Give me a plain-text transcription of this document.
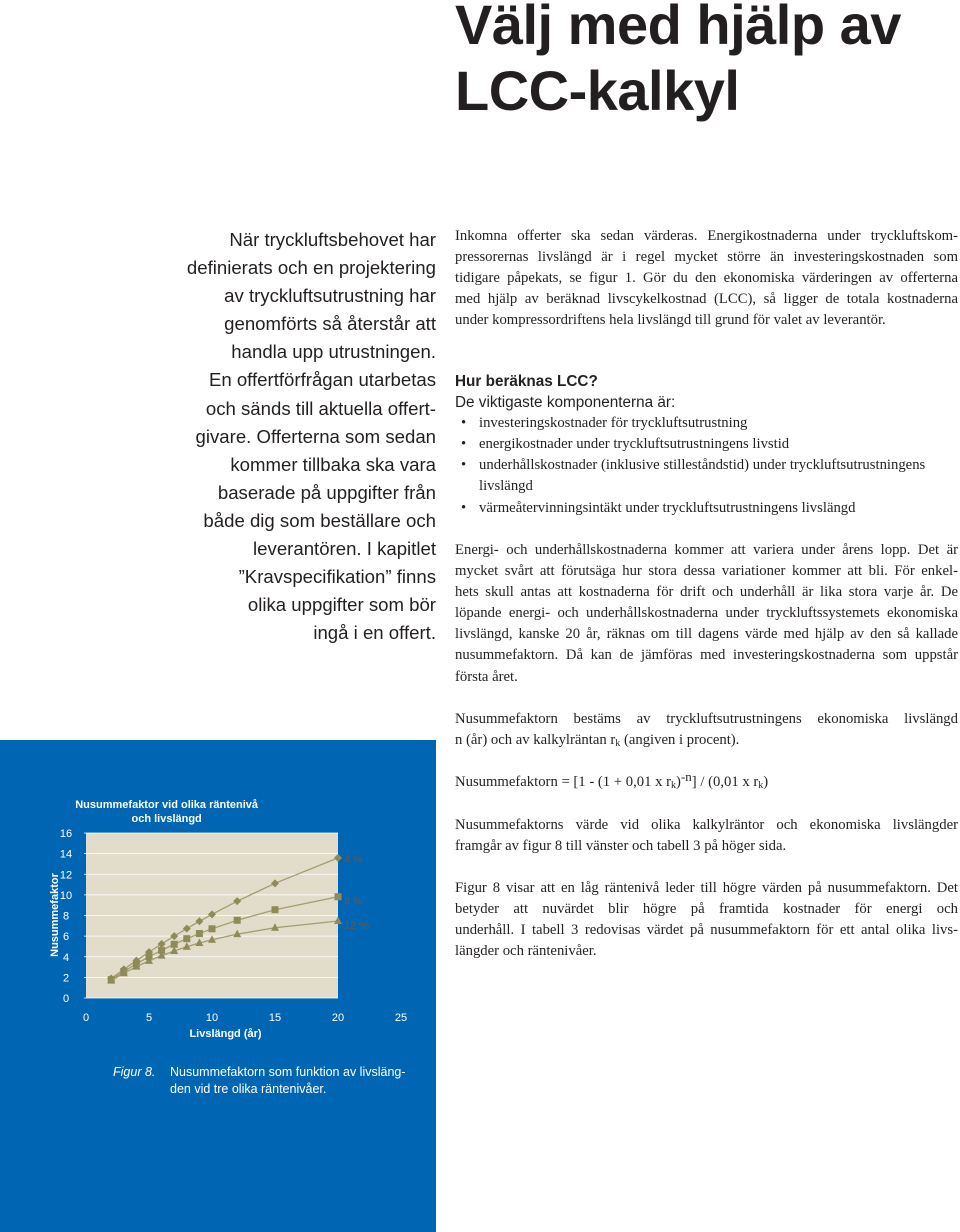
Välj med hjälp av
LCC-kalkyl
När tryckluftsbehovet har
definierats och en projektering
av tryckluftsutrustning har
genomförts så återstår att
handla upp utrustningen.
En offertförfrågan utarbetas
och sänds till aktuella offert-
givare. Offerterna som sedan
kommer tillbaka ska vara
baserade på uppgifter från
både dig som beställare och
leverantören. I kapitlet
”Kravspecifikation” finns
olika uppgifter som bör
ingå i en offert.
Inkomna offerter ska sedan värderas. Energikostnaderna under tryckluftskom-
pressorernas livslängd är i regel mycket större än investeringskostnaden som
tidigare påpekats, se figur 1. Gör du den ekonomiska värderingen av offerterna
med hjälp av beräknad livscykelkostnad (LCC), så ligger de totala kostnaderna
under kompressordriftens hela livslängd till grund för valet av leverantör.
Hur beräknas LCC?
De viktigaste komponenterna är:
• investeringskostnader för tryckluftsutrustning
• energikostnader under tryckluftsutrustningens livstid
• underhållskostnader (inklusive stilleståndstid) under tryckluftsutrustningens
livslängd
• värmeåtervinningsintäkt under tryckluftsutrustningens livslängd
Energi- och underhållskostnaderna kommer att variera under årens lopp. Det är
mycket svårt att förutsäga hur stora dessa variationer kommer att bli. För enkel-
hets skull antas att kostnaderna för drift och underhåll är lika stora varje år. De
löpande energi- och underhållskostnaderna under tryckluftssystemets ekonomiska
livslängd, kanske 20 år, räknas om till dagens värde med hjälp av den så kallade
nusummefaktorn. Då kan de jämföras med investeringskostnaderna som uppstår
första året.
Nusummefaktorn bestäms av tryckluftsutrustningens ekonomiska livslängd
n (år) och av kalkylräntan $r_k$ (angiven i procent).
Nusummefaktorn = [1 - (1 + 0,01 x $r_k)^{-n}] / (0,01$ x $r_k$)
Nusummefaktorns värde vid olika kalkylräntor och ekonomiska livslängder
framgår av figur 8 till vänster och tabell 3 på höger sida.
Figur 8 visar att en låg räntenivå leder till högre värden på nusummefaktorn. Det
betyder att nuvärdet blir högre på framtida kostnader för energi och
underhåll. I tabell 3 redovisas värdet på nusummefaktorn för ett antal olika livs-
längder och räntenivåer.
0
2
4
6
8
10
12
14
16
0	5	10	15	20	25
Livslängd (år)
Nusummefaktor
Nusummefaktor vid olika räntenivå
och livslängd
4 %
8 %
12 %
Figur 8. Nusummefaktorn som funktion av livsläng-
den vid tre olika räntenivåer.
